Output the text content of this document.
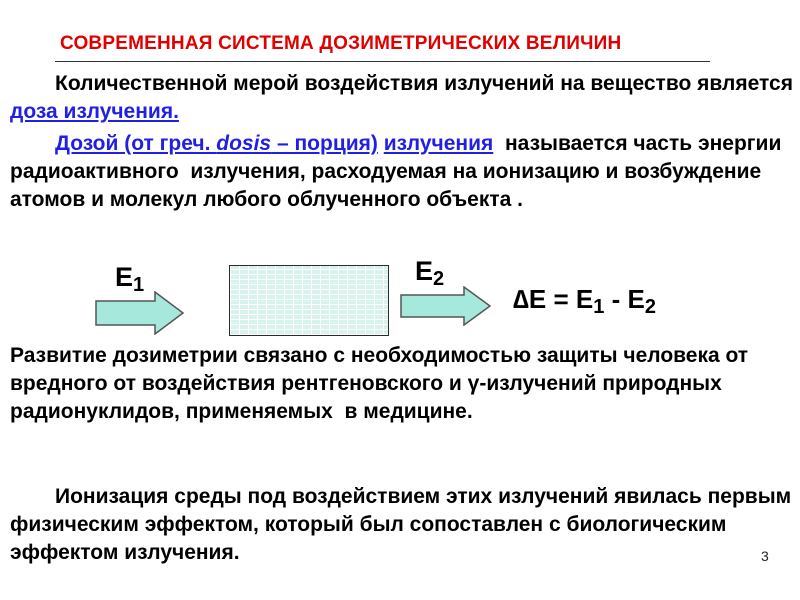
СОВРЕМЕННАЯ СИСТЕМА ДОЗИМЕТРИЧЕСКИХ ВЕЛИЧИН
Количественной мерой воздействия излучений на вещество является доза излучения.
Дозой (от греч. dosis – порция) излучения  называется часть энергии радиоактивного  излучения, расходуемая на ионизацию и возбуждение атомов и молекул любого облученного объекта .
$E_1$	$E_2$
$\Delta E = E_1 - E_2$
Развитие дозиметрии связано с необходимостью защиты человека от вредного от воздействия рентгеновского и γ-излучений природных радионуклидов, применяемых  в медицине.
Ионизация среды под воздействием этих излучений явилась первым физическим эффектом, который был сопоставлен с биологическим эффектом излучения.	3
